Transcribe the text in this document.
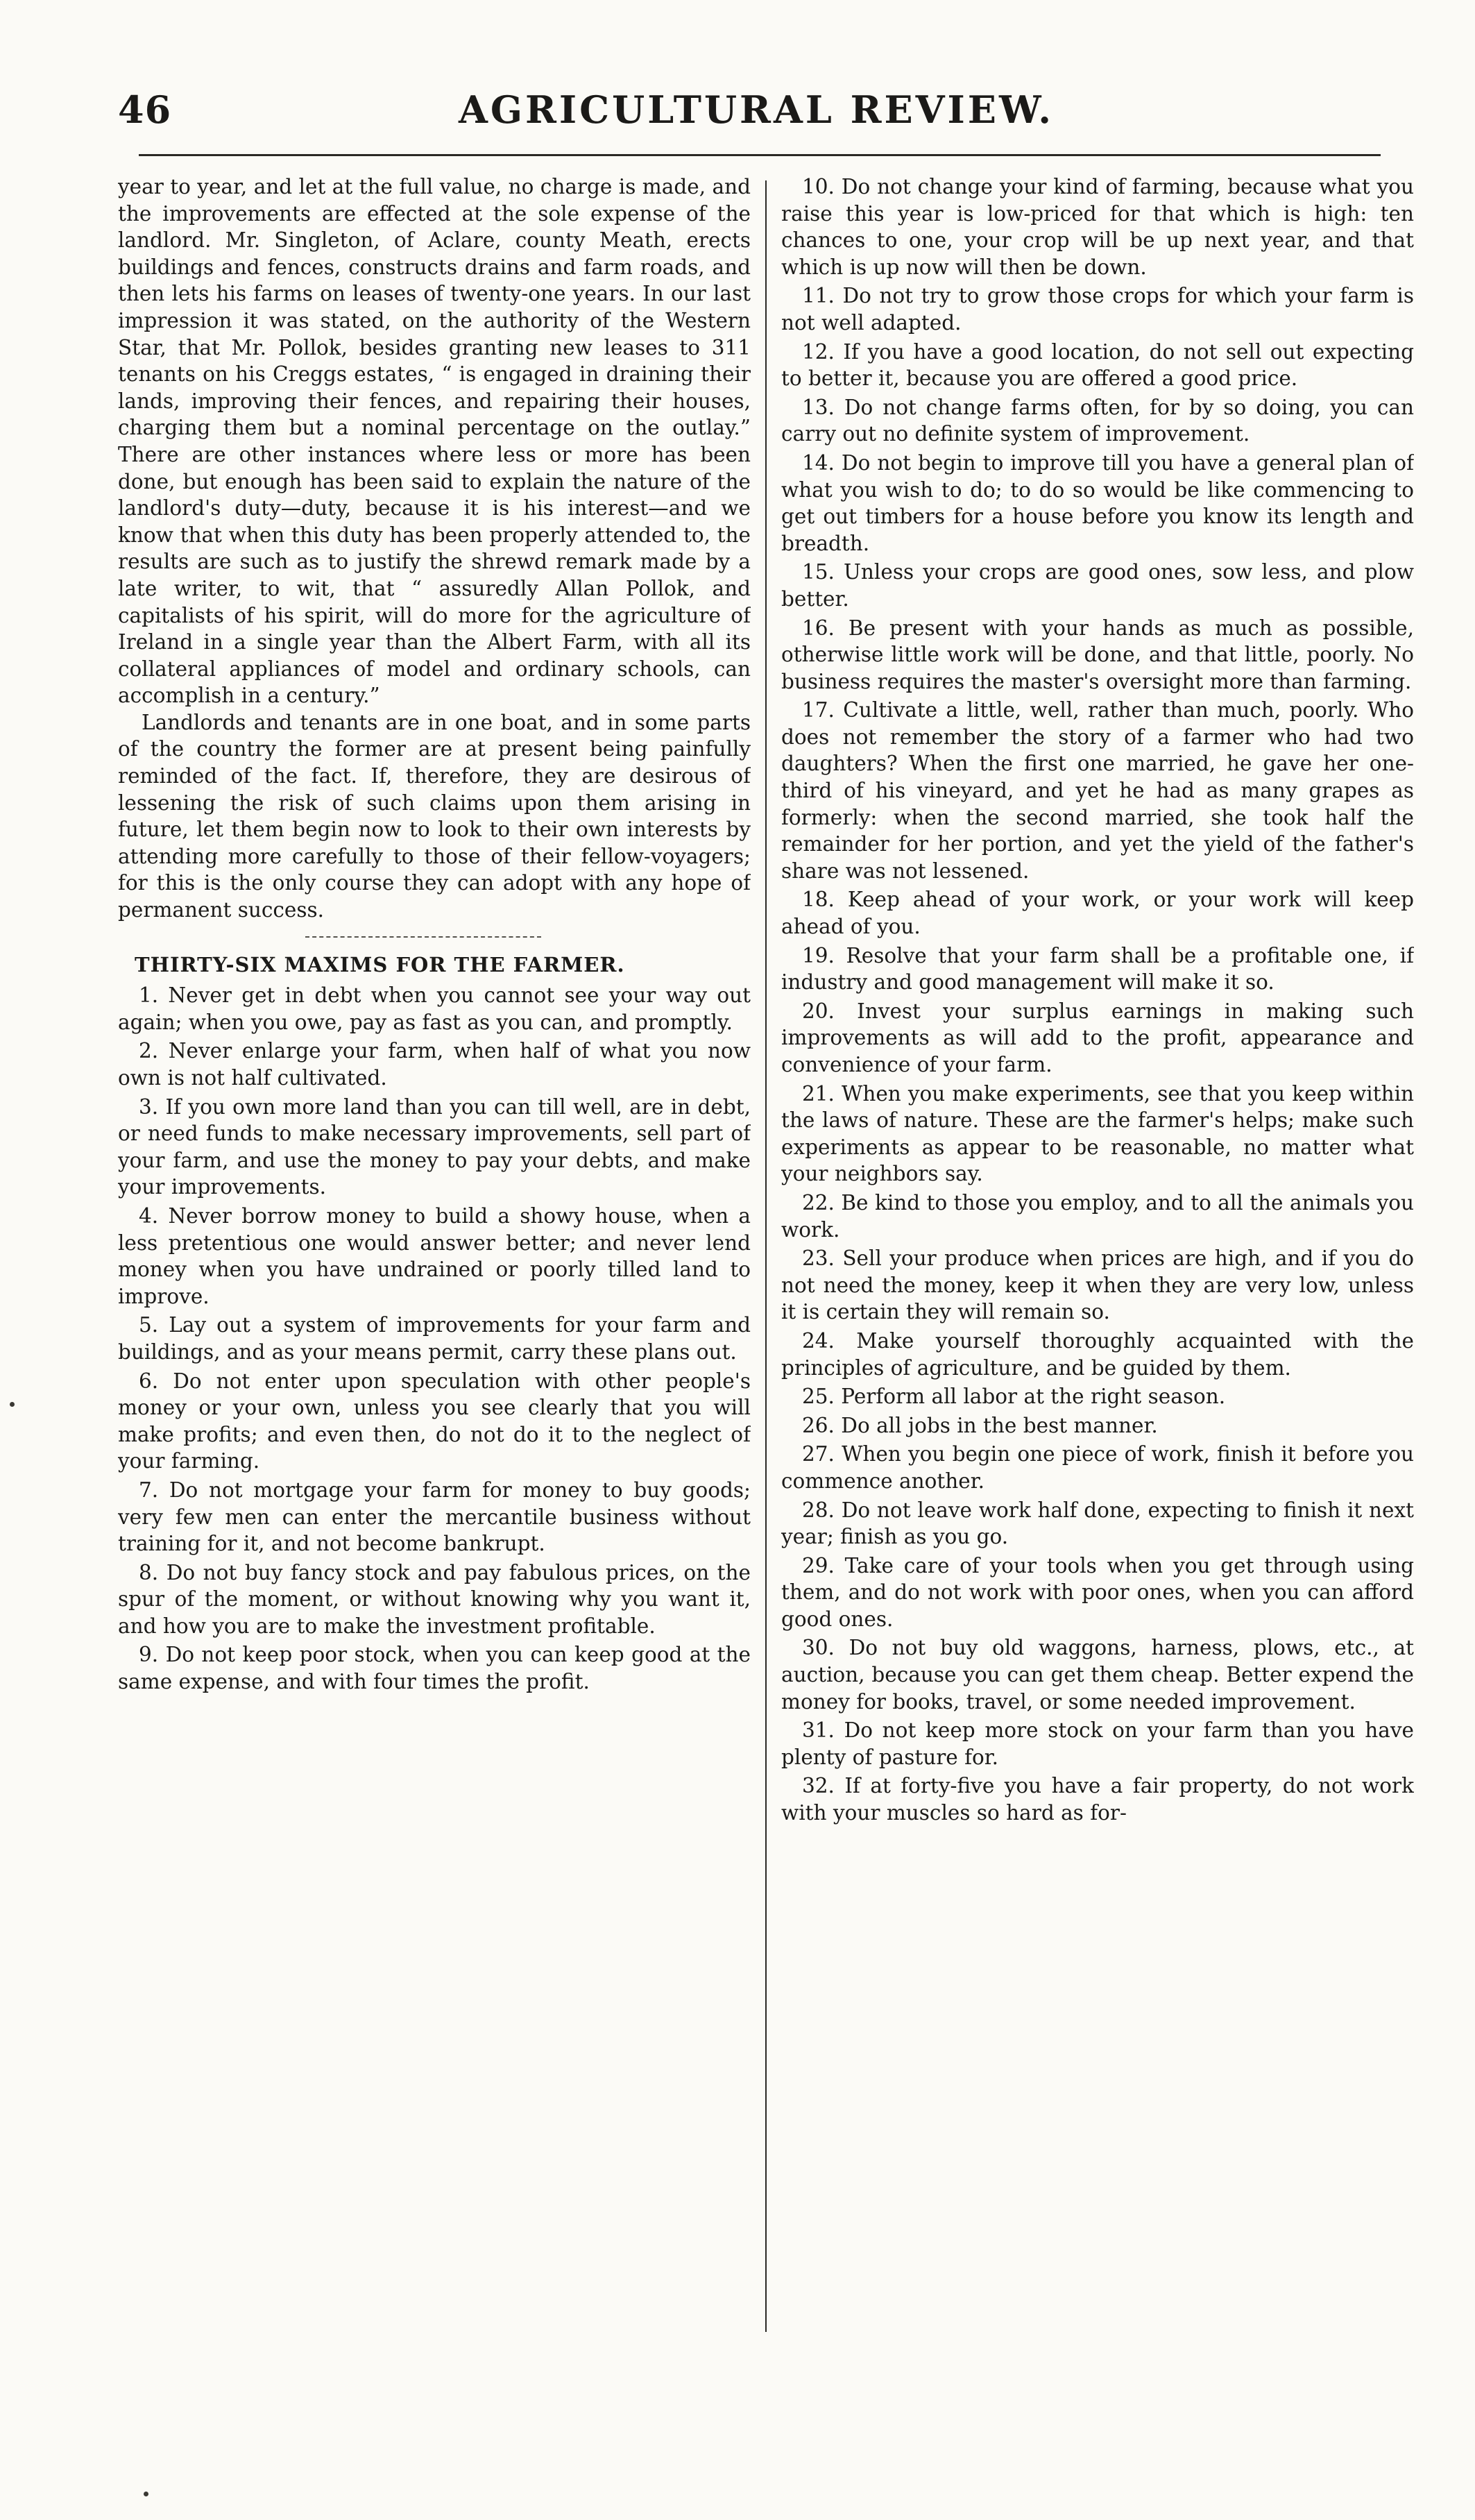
46	AGRICULTURAL REVIEW.

year to year, and let at the full value, no charge is made, and the improvements are effected at the sole expense of the landlord. Mr. Singleton, of Aclare, county Meath, erects buildings and fences, constructs drains and farm roads, and then lets his farms on leases of twenty-one years. In our last impression it was stated, on the authority of the Western Star, that Mr. Pollok, besides granting new leases to 311 tenants on his Creggs estates, “ is engaged in draining their lands, improving their fences, and repairing their houses, charging them but a nominal percentage on the outlay.” There are other instances where less or more has been done, but enough has been said to explain the nature of the landlord's duty—duty, because it is his interest—and we know that when this duty has been properly attended to, the results are such as to justify the shrewd remark made by a late writer, to wit, that “ assuredly Allan Pollok, and capitalists of his spirit, will do more for the agriculture of Ireland in a single year than the Albert Farm, with all its collateral appliances of model and ordinary schools, can accomplish in a century.”

Landlords and tenants are in one boat, and in some parts of the country the former are at present being painfully reminded of the fact. If, therefore, they are desirous of lessening the risk of such claims upon them arising in future, let them begin now to look to their own interests by attending more carefully to those of their fellow-voyagers; for this is the only course they can adopt with any hope of permanent success.

THIRTY-SIX MAXIMS FOR THE FARMER.

1. Never get in debt when you cannot see your way out again; when you owe, pay as fast as you can, and promptly.

2. Never enlarge your farm, when half of what you now own is not half cultivated.

3. If you own more land than you can till well, are in debt, or need funds to make necessary improvements, sell part of your farm, and use the money to pay your debts, and make your improvements.

4. Never borrow money to build a showy house, when a less pretentious one would answer better; and never lend money when you have undrained or poorly tilled land to improve.

5. Lay out a system of improvements for your farm and buildings, and as your means permit, carry these plans out.

6. Do not enter upon speculation with other people's money or your own, unless you see clearly that you will make profits; and even then, do not do it to the neglect of your farming.

7. Do not mortgage your farm for money to buy goods; very few men can enter the mercantile business without training for it, and not become bankrupt.

8. Do not buy fancy stock and pay fabulous prices, on the spur of the moment, or without knowing why you want it, and how you are to make the investment profitable.

9. Do not keep poor stock, when you can keep good at the same expense, and with four times the profit.

10. Do not change your kind of farming, because what you raise this year is low-priced for that which is high: ten chances to one, your crop will be up next year, and that which is up now will then be down.

11. Do not try to grow those crops for which your farm is not well adapted.

12. If you have a good location, do not sell out expecting to better it, because you are offered a good price.

13. Do not change farms often, for by so doing, you can carry out no definite system of improvement.

14. Do not begin to improve till you have a general plan of what you wish to do; to do so would be like commencing to get out timbers for a house before you know its length and breadth.

15. Unless your crops are good ones, sow less, and plow better.

16. Be present with your hands as much as possible, otherwise little work will be done, and that little, poorly. No business requires the master's oversight more than farming.

17. Cultivate a little, well, rather than much, poorly. Who does not remember the story of a farmer who had two daughters? When the first one married, he gave her one-third of his vineyard, and yet he had as many grapes as formerly: when the second married, she took half the remainder for her portion, and yet the yield of the father's share was not lessened.

18. Keep ahead of your work, or your work will keep ahead of you.

19. Resolve that your farm shall be a profitable one, if industry and good management will make it so.

20. Invest your surplus earnings in making such improvements as will add to the profit, appearance and convenience of your farm.

21. When you make experiments, see that you keep within the laws of nature. These are the farmer's helps; make such experiments as appear to be reasonable, no matter what your neighbors say.

22. Be kind to those you employ, and to all the animals you work.

23. Sell your produce when prices are high, and if you do not need the money, keep it when they are very low, unless it is certain they will remain so.

24. Make yourself thoroughly acquainted with the principles of agriculture, and be guided by them.

25. Perform all labor at the right season.

26. Do all jobs in the best manner.

27. When you begin one piece of work, finish it before you commence another.

28. Do not leave work half done, expecting to finish it next year; finish as you go.

29. Take care of your tools when you get through using them, and do not work with poor ones, when you can afford good ones.

30. Do not buy old waggons, harness, plows, etc., at auction, because you can get them cheap. Better expend the money for books, travel, or some needed improvement.

31. Do not keep more stock on your farm than you have plenty of pasture for.

32. If at forty-five you have a fair property, do not work with your muscles so hard as for-
